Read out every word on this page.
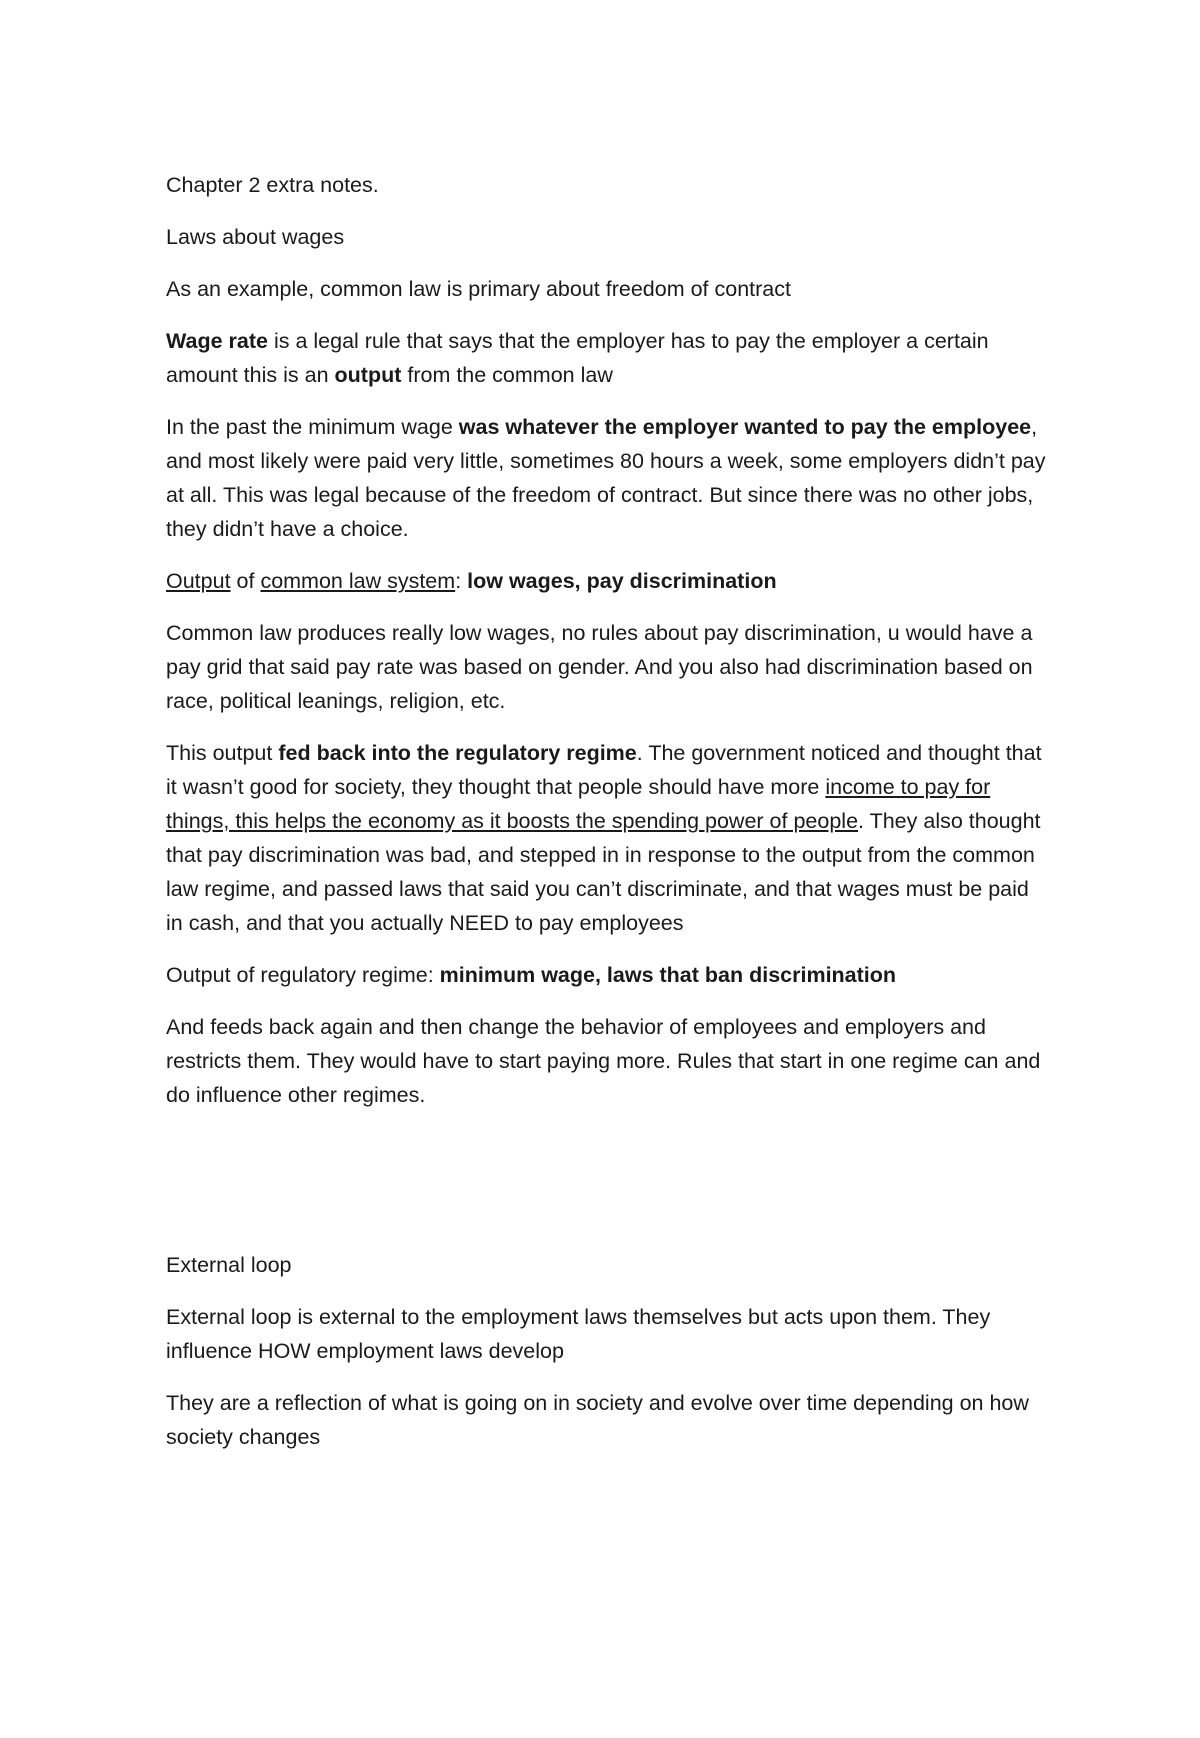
Chapter 2 extra notes.

Laws about wages

As an example, common law is primary about freedom of contract

Wage rate is a legal rule that says that the employer has to pay the employer a certain amount this is an output from the common law

In the past the minimum wage was whatever the employer wanted to pay the employee, and most likely were paid very little, sometimes 80 hours a week, some employers didn’t pay at all. This was legal because of the freedom of contract. But since there was no other jobs, they didn’t have a choice.

Output of common law system: low wages, pay discrimination

Common law produces really low wages, no rules about pay discrimination, u would have a pay grid that said pay rate was based on gender. And you also had discrimination based on race, political leanings, religion, etc.

This output fed back into the regulatory regime. The government noticed and thought that it wasn’t good for society, they thought that people should have more income to pay for things, this helps the economy as it boosts the spending power of people. They also thought that pay discrimination was bad, and stepped in in response to the output from the common law regime, and passed laws that said you can’t discriminate, and that wages must be paid in cash, and that you actually NEED to pay employees

Output of regulatory regime: minimum wage, laws that ban discrimination

And feeds back again and then change the behavior of employees and employers and restricts them. They would have to start paying more. Rules that start in one regime can and do influence other regimes.

External loop

External loop is external to the employment laws themselves but acts upon them. They influence HOW employment laws develop

They are a reflection of what is going on in society and evolve over time depending on how society changes
